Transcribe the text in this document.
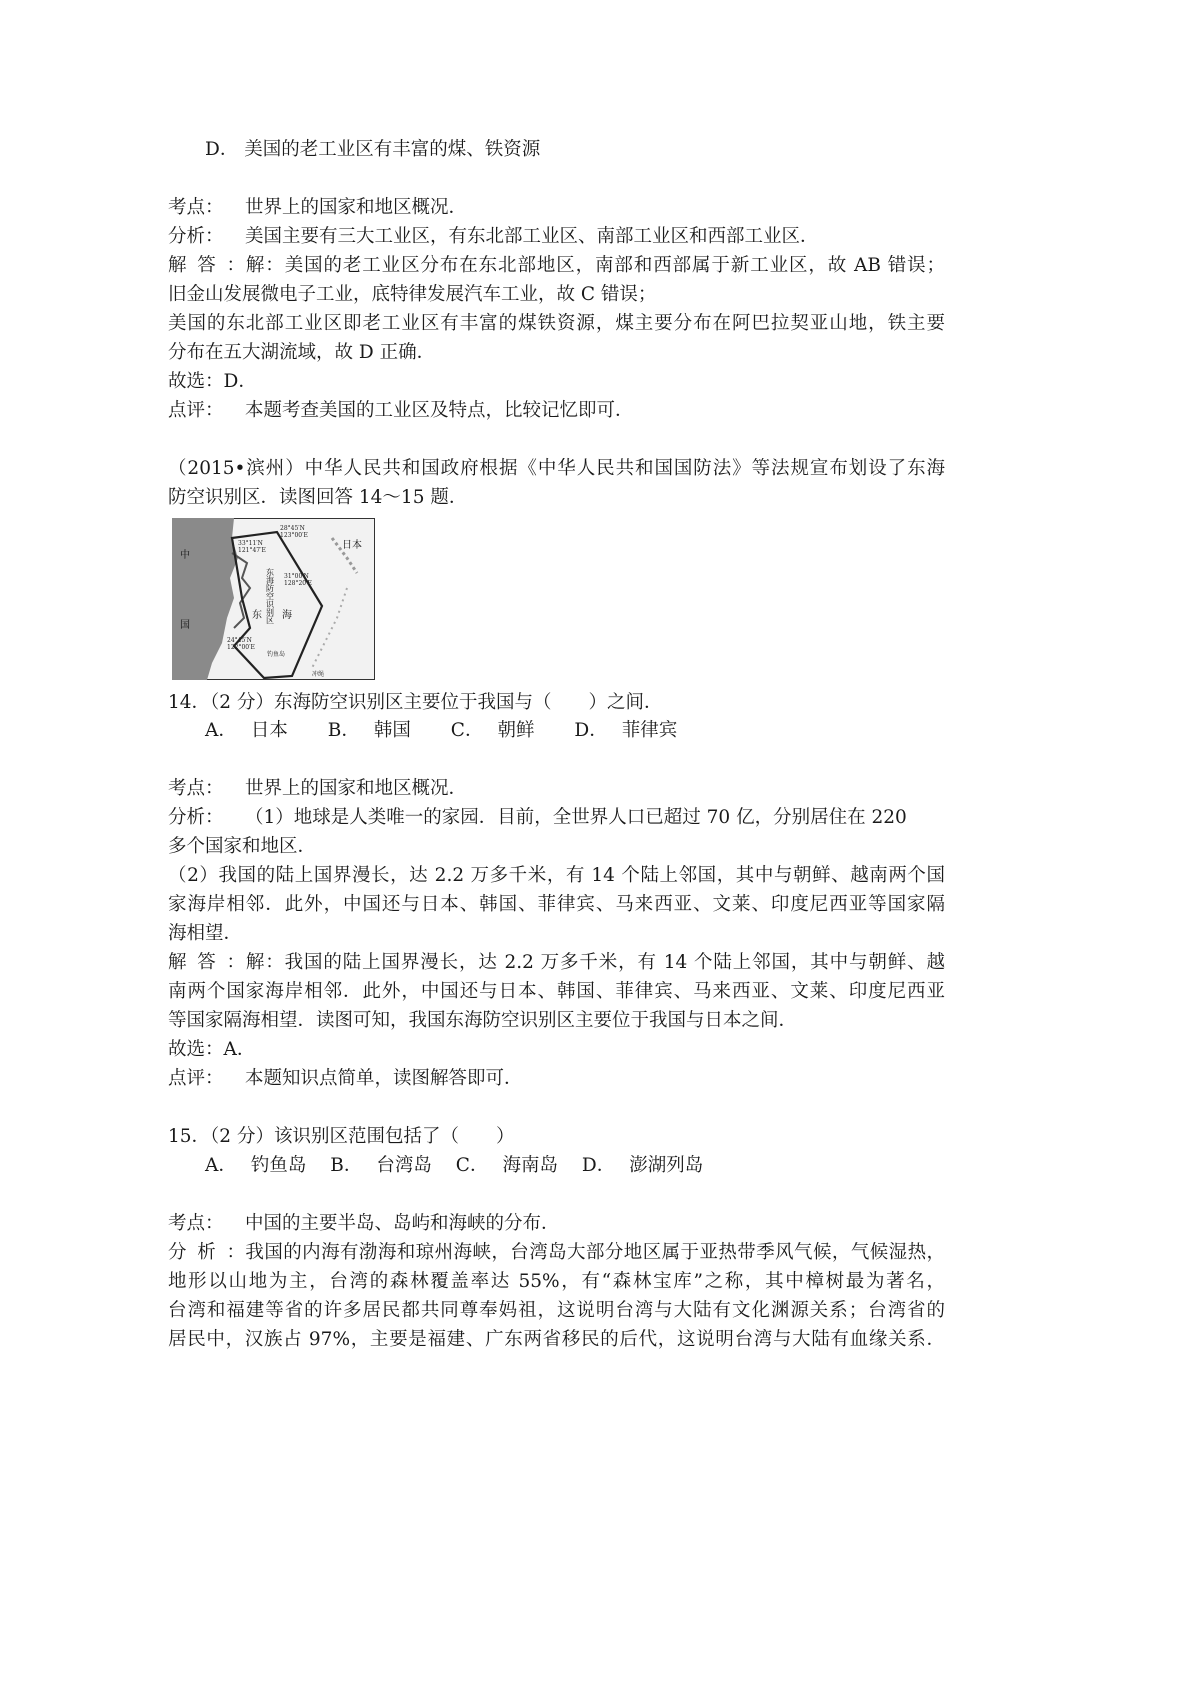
D． 美国的老工业区有丰富的煤、铁资源
考点： 世界上的国家和地区概况．
分析： 美国主要有三大工业区，有东北部工业区、南部工业区和西部工业区．
解答：解：美国的老工业区分布在东北部地区，南部和西部属于新工业区，故 AB 错误；
旧金山发展微电子工业，底特律发展汽车工业，故 C 错误；
美国的东北部工业区即老工业区有丰富的煤铁资源，煤主要分布在阿巴拉契亚山地，铁主要
分布在五大湖流域，故 D 正确．
故选：D．
点评： 本题考查美国的工业区及特点，比较记忆即可．
（2015•滨州）中华人民共和国政府根据《中华人民共和国国防法》等法规宣布划设了东海
防空识别区．读图回答 14～15 题．
28°45′N
123°00′E
33°11′N
121°47′E
31°00′N
128°20′E
24°45′N
122°00′E
钓鱼岛
冲绳
中
国
日本
东 海
东海防空识别区
14．（2 分）东海防空识别区主要位于我国与（　　）之间．
A． 日本 B． 韩国 C． 朝鲜 D． 菲律宾
考点： 世界上的国家和地区概况．
分析： （1）地球是人类唯一的家园．目前，全世界人口已超过 70 亿，分别居住在 220
多个国家和地区．
（2）我国的陆上国界漫长，达 2.2 万多千米，有 14 个陆上邻国，其中与朝鲜、越南两个国
家海岸相邻．此外，中国还与日本、韩国、菲律宾、马来西亚、文莱、印度尼西亚等国家隔
海相望．
解答：解：我国的陆上国界漫长，达 2.2 万多千米，有 14 个陆上邻国，其中与朝鲜、越
南两个国家海岸相邻．此外，中国还与日本、韩国、菲律宾、马来西亚、文莱、印度尼西亚
等国家隔海相望．读图可知，我国东海防空识别区主要位于我国与日本之间．
故选：A．
点评： 本题知识点简单，读图解答即可．
15．（2 分）该识别区范围包括了（　　）
A． 钓鱼岛 B． 台湾岛 C． 海南岛 D． 澎湖列岛
考点： 中国的主要半岛、岛屿和海峡的分布．
分析：我国的内海有渤海和琼州海峡，台湾岛大部分地区属于亚热带季风气候，气候湿热，
地形以山地为主，台湾的森林覆盖率达 55%，有“森林宝库”之称，其中樟树最为著名，
台湾和福建等省的许多居民都共同尊奉妈祖，这说明台湾与大陆有文化渊源关系；台湾省的
居民中，汉族占 97%，主要是福建、广东两省移民的后代，这说明台湾与大陆有血缘关系．
